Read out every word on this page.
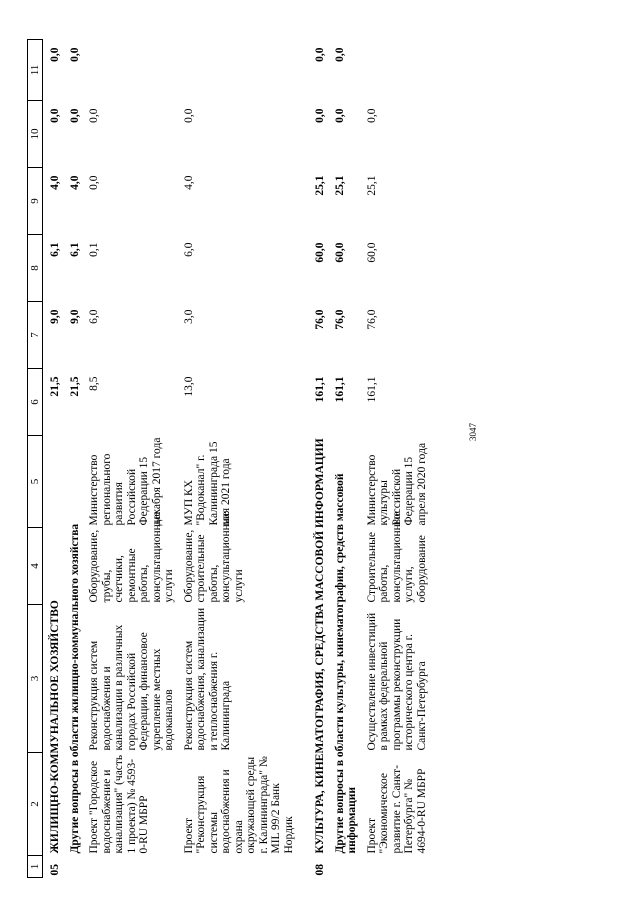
3047
1	2	3	4	5	6	7	8	9	10	11
05	ЖИЛИЩНО-КОММУНАЛЬНОЕ ХОЗЯЙСТВО				21,5	9,0	6,1	4,0	0,0	0,0
	Другие вопросы в области жилищно-коммунального хозяйства				21,5	9,0	6,1	4,0	0,0	0,0
	Проект "Городское водоснабжение и канализация" (часть 1 проекта) № 4593-0-RU МБРР	Реконструкция систем водоснабжения и канализации в различных городах Российской Федерации, финансовое укрепление местных водоканалов	Оборудование, трубы, счетчики, ремонтные работы, консультационные услуги	Министерство регионального развития Российской Федерации 15 декабря 2017 года	8,5	6,0	0,1	0,0	0,0	
	Проект "Реконструкция системы водоснабжения и охрана окружающей среды г. Калининграда" № MIL 99/2 Банк Нордик	Реконструкция систем водоснабжения, канализации и теплоснабжения г. Калининграда	Оборудование, строительные работы, консультационные услуги	МУП КХ "Водоканал" г. Калининграда 15 мая 2021 года	13,0	3,0	6,0	4,0	0,0	

08	КУЛЬТУРА, КИНЕМАТОГРАФИЯ, СРЕДСТВА МАССОВОЙ ИНФОРМАЦИИ				161,1	76,0	60,0	25,1	0,0	0,0
	Другие вопросы в области культуры, кинематографии, средств массовой информации				161,1	76,0	60,0	25,1	0,0	0,0
	Проект "Экономическое развитие г. Санкт-Петербурга" № 4694-0-RU МБРР	Осуществление инвестиций в рамках федеральной программы реконструкции исторического центра г. Санкт-Петербурга	Строительные работы, консультационные услуги, оборудование	Министерство культуры Российской Федерации 15 апреля 2020 года	161,1	76,0	60,0	25,1	0,0	
